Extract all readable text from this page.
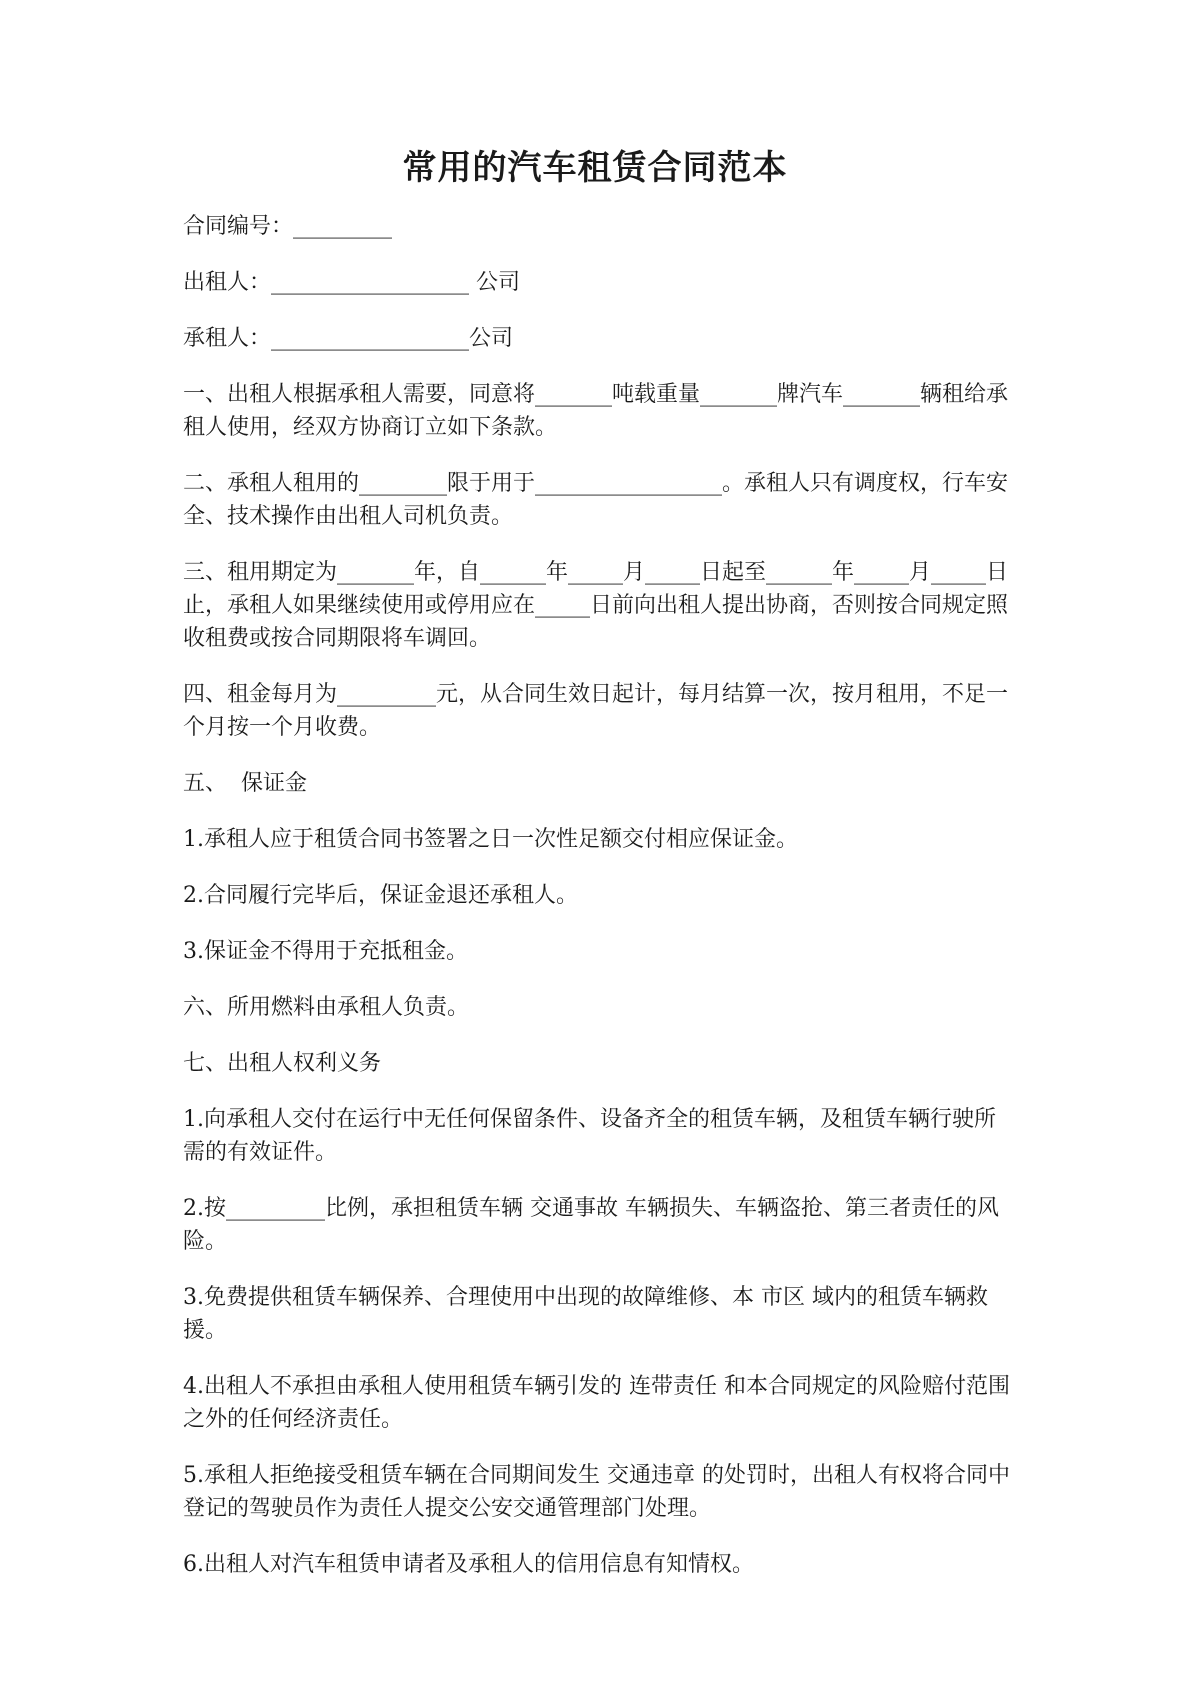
常用的汽车租赁合同范本

合同编号：_________

出租人：__________________ 公司

承租人：__________________公司

一、出租人根据承租人需要，同意将_______吨载重量_______牌汽车_______辆租给承租人使用，经双方协商订立如下条款。

二、承租人租用的________限于用于_________________。承租人只有调度权，行车安全、技术操作由出租人司机负责。

三、租用期定为_______年，自______年_____月_____日起至______年_____月_____日止，承租人如果继续使用或停用应在_____日前向出租人提出协商，否则按合同规定照收租费或按合同期限将车调回。

四、租金每月为_________元，从合同生效日起计，每月结算一次，按月租用，不足一个月按一个月收费。

五、  保证金

1.承租人应于租赁合同书签署之日一次性足额交付相应保证金。

2.合同履行完毕后，保证金退还承租人。

3.保证金不得用于充抵租金。

六、所用燃料由承租人负责。

七、出租人权利义务

1.向承租人交付在运行中无任何保留条件、设备齐全的租赁车辆，及租赁车辆行驶所需的有效证件。

2.按_________比例，承担租赁车辆 交通事故 车辆损失、车辆盗抢、第三者责任的风险。

3.免费提供租赁车辆保养、合理使用中出现的故障维修、本 市区 域内的租赁车辆救援。

4.出租人不承担由承租人使用租赁车辆引发的 连带责任 和本合同规定的风险赔付范围之外的任何经济责任。

5.承租人拒绝接受租赁车辆在合同期间发生 交通违章 的处罚时，出租人有权将合同中登记的驾驶员作为责任人提交公安交通管理部门处理。

6.出租人对汽车租赁申请者及承租人的信用信息有知情权。
